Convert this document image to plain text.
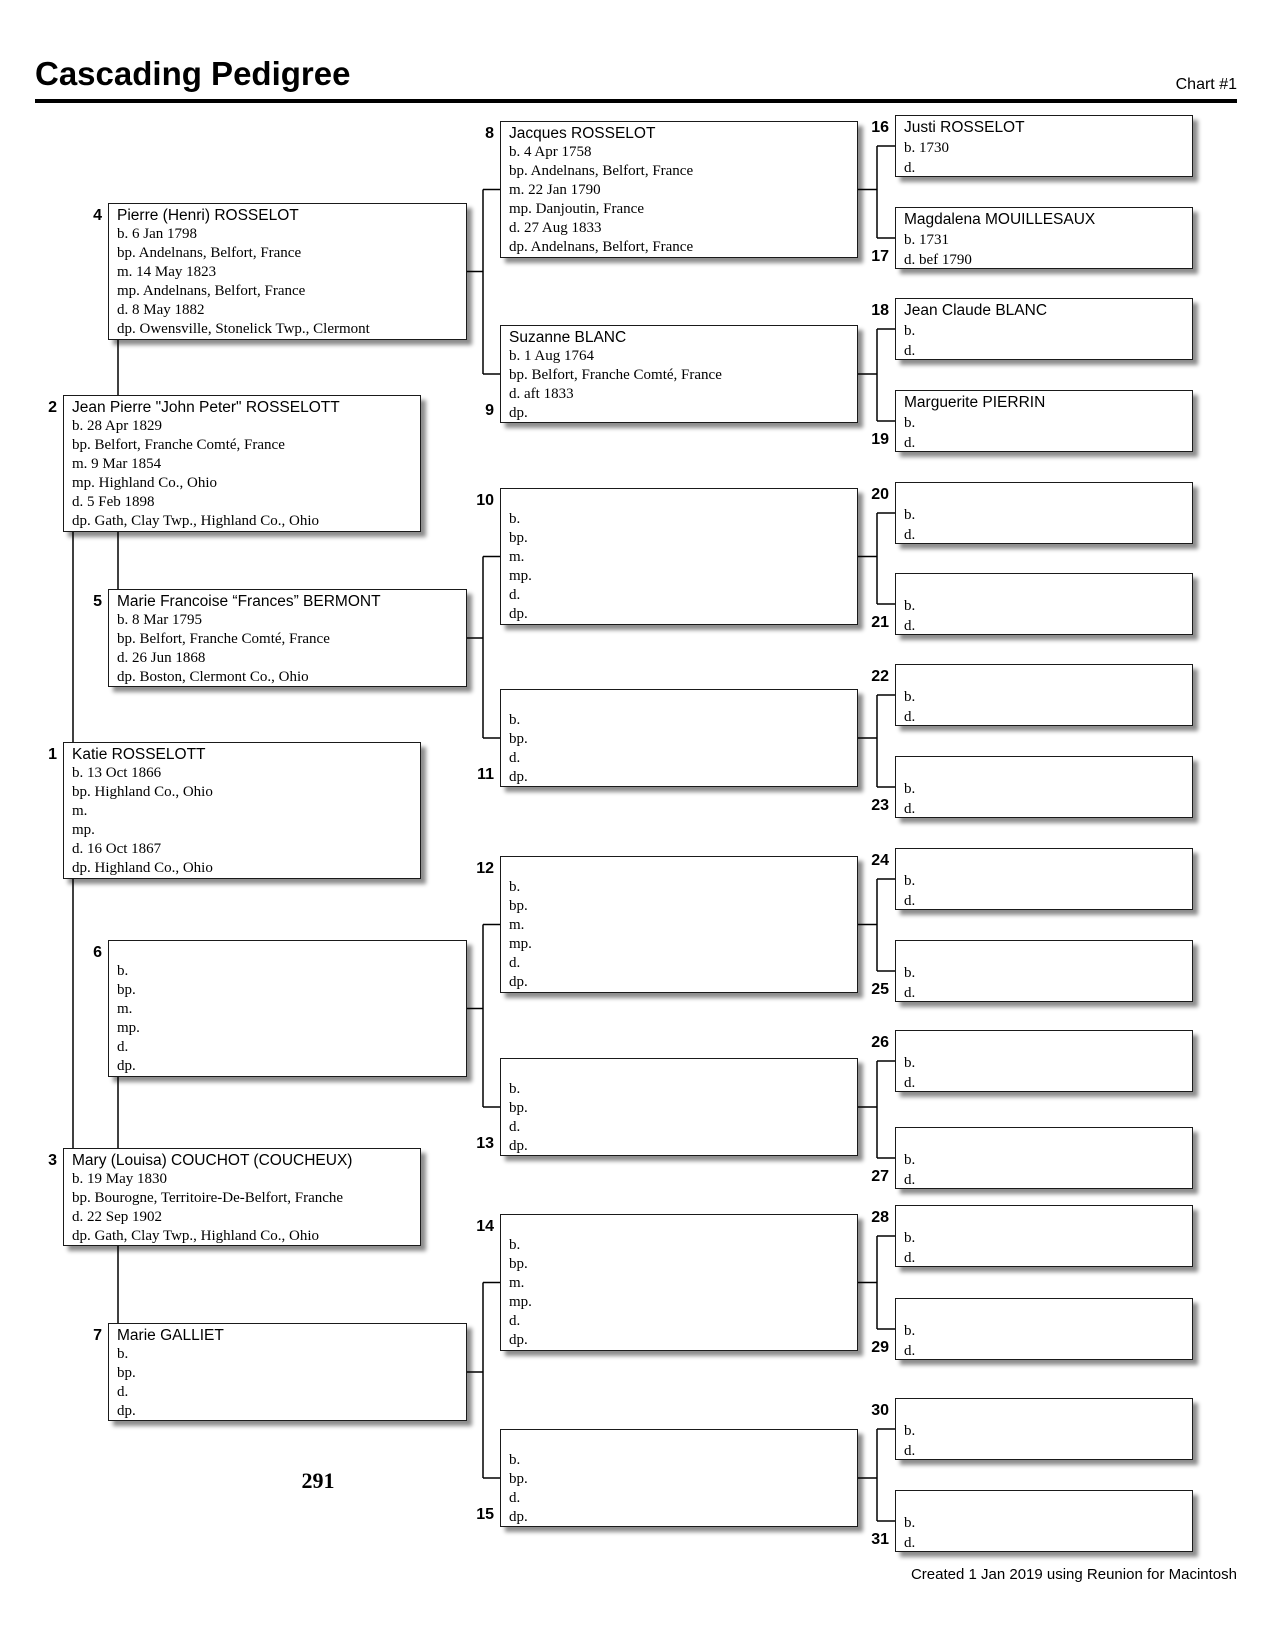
Cascading Pedigree	Chart #1
Katie ROSSELOTT
b. 13 Oct 1866
bp. Highland Co., Ohio
m.
mp.
d. 16 Oct 1867
dp. Highland Co., Ohio
1
Jean Pierre "John Peter" ROSSELOTT
b. 28 Apr 1829
bp. Belfort, Franche Comté, France
m. 9 Mar 1854
mp. Highland Co., Ohio
d. 5 Feb 1898
dp. Gath, Clay Twp., Highland Co., Ohio
2
Mary (Louisa) COUCHOT (COUCHEUX)
b. 19 May 1830
bp. Bourogne, Territoire-De-Belfort, Franche
d. 22 Sep 1902
dp. Gath, Clay Twp., Highland Co., Ohio
3
Pierre (Henri) ROSSELOT
b. 6 Jan 1798
bp. Andelnans, Belfort, France
m. 14 May 1823
mp. Andelnans, Belfort, France
d. 8 May 1882
dp. Owensville, Stonelick Twp., Clermont
4
Marie Francoise “Frances” BERMONT
b. 8 Mar 1795
bp. Belfort, Franche Comté, France
d. 26 Jun 1868
dp. Boston, Clermont Co., Ohio
5
b.
bp.
m.
mp.
d.
dp.
6
Marie GALLIET
b.
bp.
d.
dp.
7
Jacques ROSSELOT
b. 4 Apr 1758
bp. Andelnans, Belfort, France
m. 22 Jan 1790
mp. Danjoutin, France
d. 27 Aug 1833
dp. Andelnans, Belfort, France
8
Suzanne BLANC
b. 1 Aug 1764
bp. Belfort, Franche Comté, France
d. aft 1833
dp.
9
b.
bp.
m.
mp.
d.
dp.
10
b.
bp.
d.
dp.
11
b.
bp.
m.
mp.
d.
dp.
12
b.
bp.
d.
dp.
13
b.
bp.
m.
mp.
d.
dp.
14
b.
bp.
d.
dp.
15
Justi ROSSELOT
b. 1730
d.
16
Magdalena MOUILLESAUX
b. 1731
d. bef 1790
17
Jean Claude BLANC
b.
d.
18
Marguerite PIERRIN
b.
d.
19
b.
d.
20
b.
d.
21
b.
d.
22
b.
d.
23
b.
d.
24
b.
d.
25
b.
d.
26
b.
d.
27
b.
d.
28
b.
d.
29
b.
d.
30
b.
d.
31
291
Created 1 Jan 2019 using Reunion for Macintosh
